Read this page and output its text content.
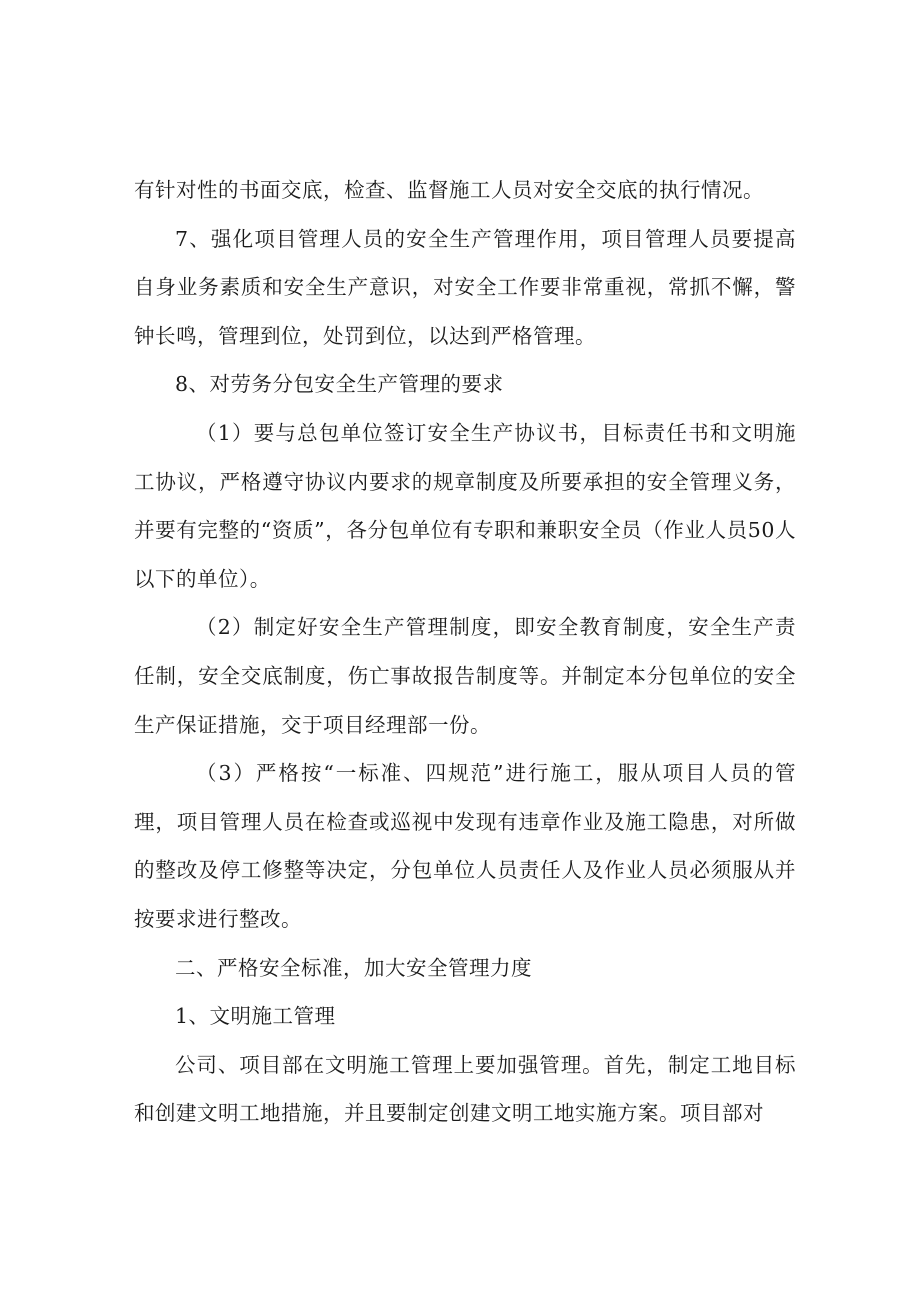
有针对性的书面交底，检查、监督施工人员对安全交底的执行情况。

7、强化项目管理人员的安全生产管理作用，项目管理人员要提高自身业务素质和安全生产意识，对安全工作要非常重视，常抓不懈，警钟长鸣，管理到位，处罚到位，以达到严格管理。

8、对劳务分包安全生产管理的要求

（1）要与总包单位签订安全生产协议书，目标责任书和文明施工协议，严格遵守协议内要求的规章制度及所要承担的安全管理义务，并要有完整的“资质”，各分包单位有专职和兼职安全员（作业人员50人以下的单位）。

（2）制定好安全生产管理制度，即安全教育制度，安全生产责任制，安全交底制度，伤亡事故报告制度等。并制定本分包单位的安全生产保证措施，交于项目经理部一份。

（3）严格按“一标准、四规范”进行施工，服从项目人员的管理，项目管理人员在检查或巡视中发现有违章作业及施工隐患，对所做的整改及停工修整等决定，分包单位人员责任人及作业人员必须服从并按要求进行整改。

二、严格安全标准，加大安全管理力度

1、文明施工管理

公司、项目部在文明施工管理上要加强管理。首先，制定工地目标和创建文明工地措施，并且要制定创建文明工地实施方案。项目部对
